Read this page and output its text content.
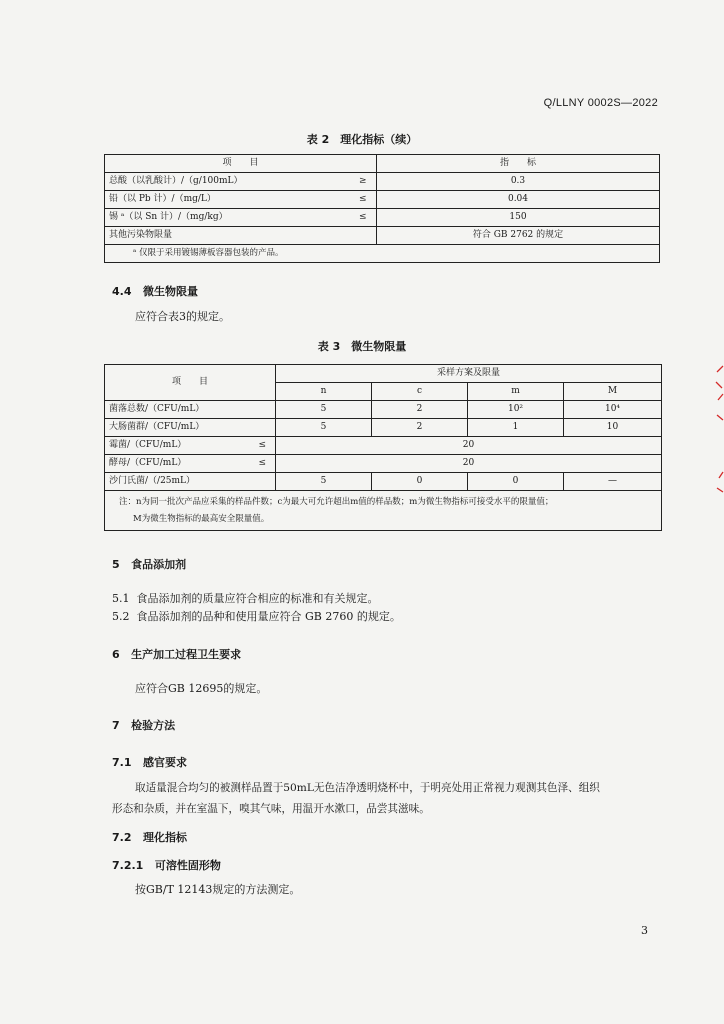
Q/LLNY 0002S—2022
表 2　理化指标（续）
项　　目		指　　标
总酸（以乳酸计）/（g/100mL）	≥	0.3
铅（以 Pb 计）/（mg/L）	≤	0.04
锡 ᵃ（以 Sn 计）/（mg/kg）	≤	150
其他污染物限量		符合 GB 2762 的规定
ᵃ 仅限于采用镀锡薄板容器包装的产品。		
4.4 微生物限量
应符合表3的规定。
表 3　微生物限量
项　　目		采样方案及限量			
		n	c	m	M
菌落总数/（CFU/mL）		5	2	10²	10⁴
大肠菌群/（CFU/mL）		5	2	1	10
霉菌/（CFU/mL）	≤	20			
酵母/（CFU/mL）	≤	20			
沙门氏菌/（/25mL）		5	0	0	—

注：n为同一批次产品应采集的样品件数；c为最大可允许超出m值的样品数；m为微生物指标可接受水平的限量值；
M为微生物指标的最高安全限量值。					
5 食品添加剂
5.1 食品添加剂的质量应符合相应的标准和有关规定。
5.2 食品添加剂的品种和使用量应符合 GB 2760 的规定。
6 生产加工过程卫生要求
应符合GB 12695的规定。
7 检验方法
7.1 感官要求
取适量混合均匀的被测样品置于50mL无色洁净透明烧杯中，于明亮处用正常视力观测其色泽、组织
形态和杂质，并在室温下，嗅其气味，用温开水漱口，品尝其滋味。
7.2 理化指标
7.2.1 可溶性固形物
按GB/T 12143规定的方法测定。
3
